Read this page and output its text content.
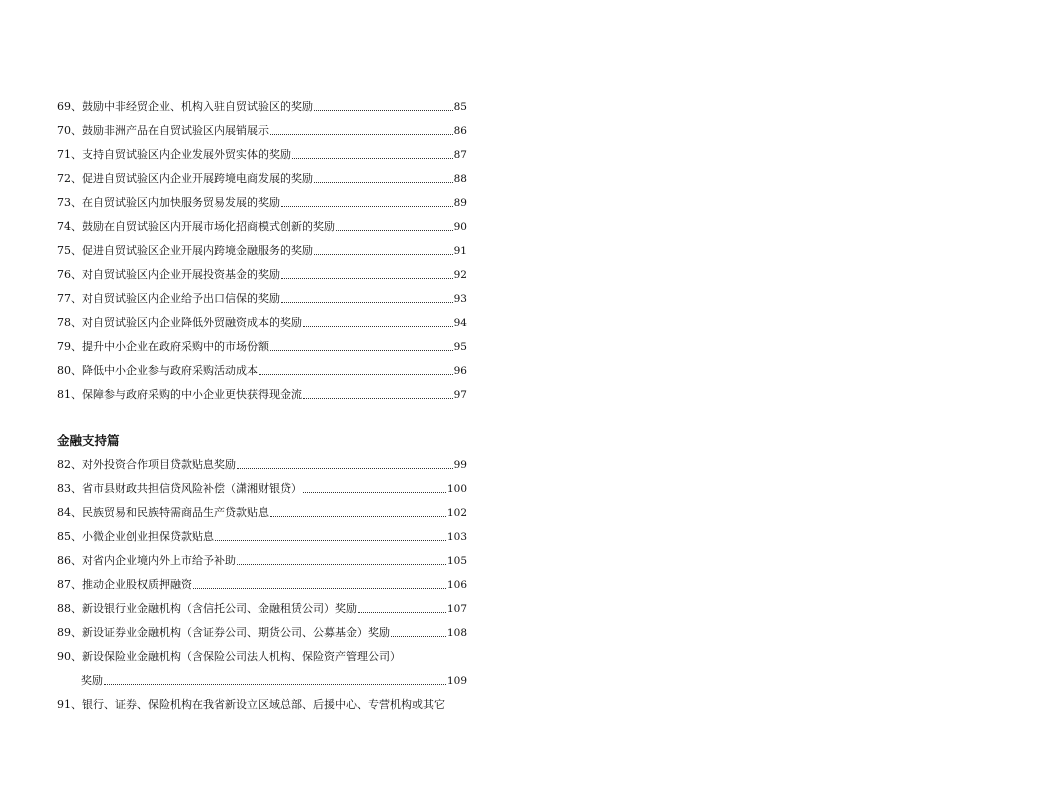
69、鼓励中非经贸企业、机构入驻自贸试验区的奖励	85
70、鼓励非洲产品在自贸试验区内展销展示	86
71、支持自贸试验区内企业发展外贸实体的奖励	87
72、促进自贸试验区内企业开展跨境电商发展的奖励	88
73、在自贸试验区内加快服务贸易发展的奖励	89
74、鼓励在自贸试验区内开展市场化招商模式创新的奖励	90
75、促进自贸试验区企业开展内跨境金融服务的奖励	91
76、对自贸试验区内企业开展投资基金的奖励	92
77、对自贸试验区内企业给予出口信保的奖励	93
78、对自贸试验区内企业降低外贸融资成本的奖励	94
79、提升中小企业在政府采购中的市场份额	95
80、降低中小企业参与政府采购活动成本	96
81、保障参与政府采购的中小企业更快获得现金流	97
金融支持篇
82、对外投资合作项目贷款贴息奖励	99
83、省市县财政共担信贷风险补偿（潇湘财银贷）	100
84、民族贸易和民族特需商品生产贷款贴息	102
85、小微企业创业担保贷款贴息	103
86、对省内企业境内外上市给予补助	105
87、推动企业股权质押融资	106
88、新设银行业金融机构（含信托公司、金融租赁公司）奖励	107
89、新设证券业金融机构（含证券公司、期货公司、公募基金）奖励	108
90、新设保险业金融机构（含保险公司法人机构、保险资产管理公司）
奖励	109
91、银行、证券、保险机构在我省新设立区域总部、后援中心、专营机构或其它
